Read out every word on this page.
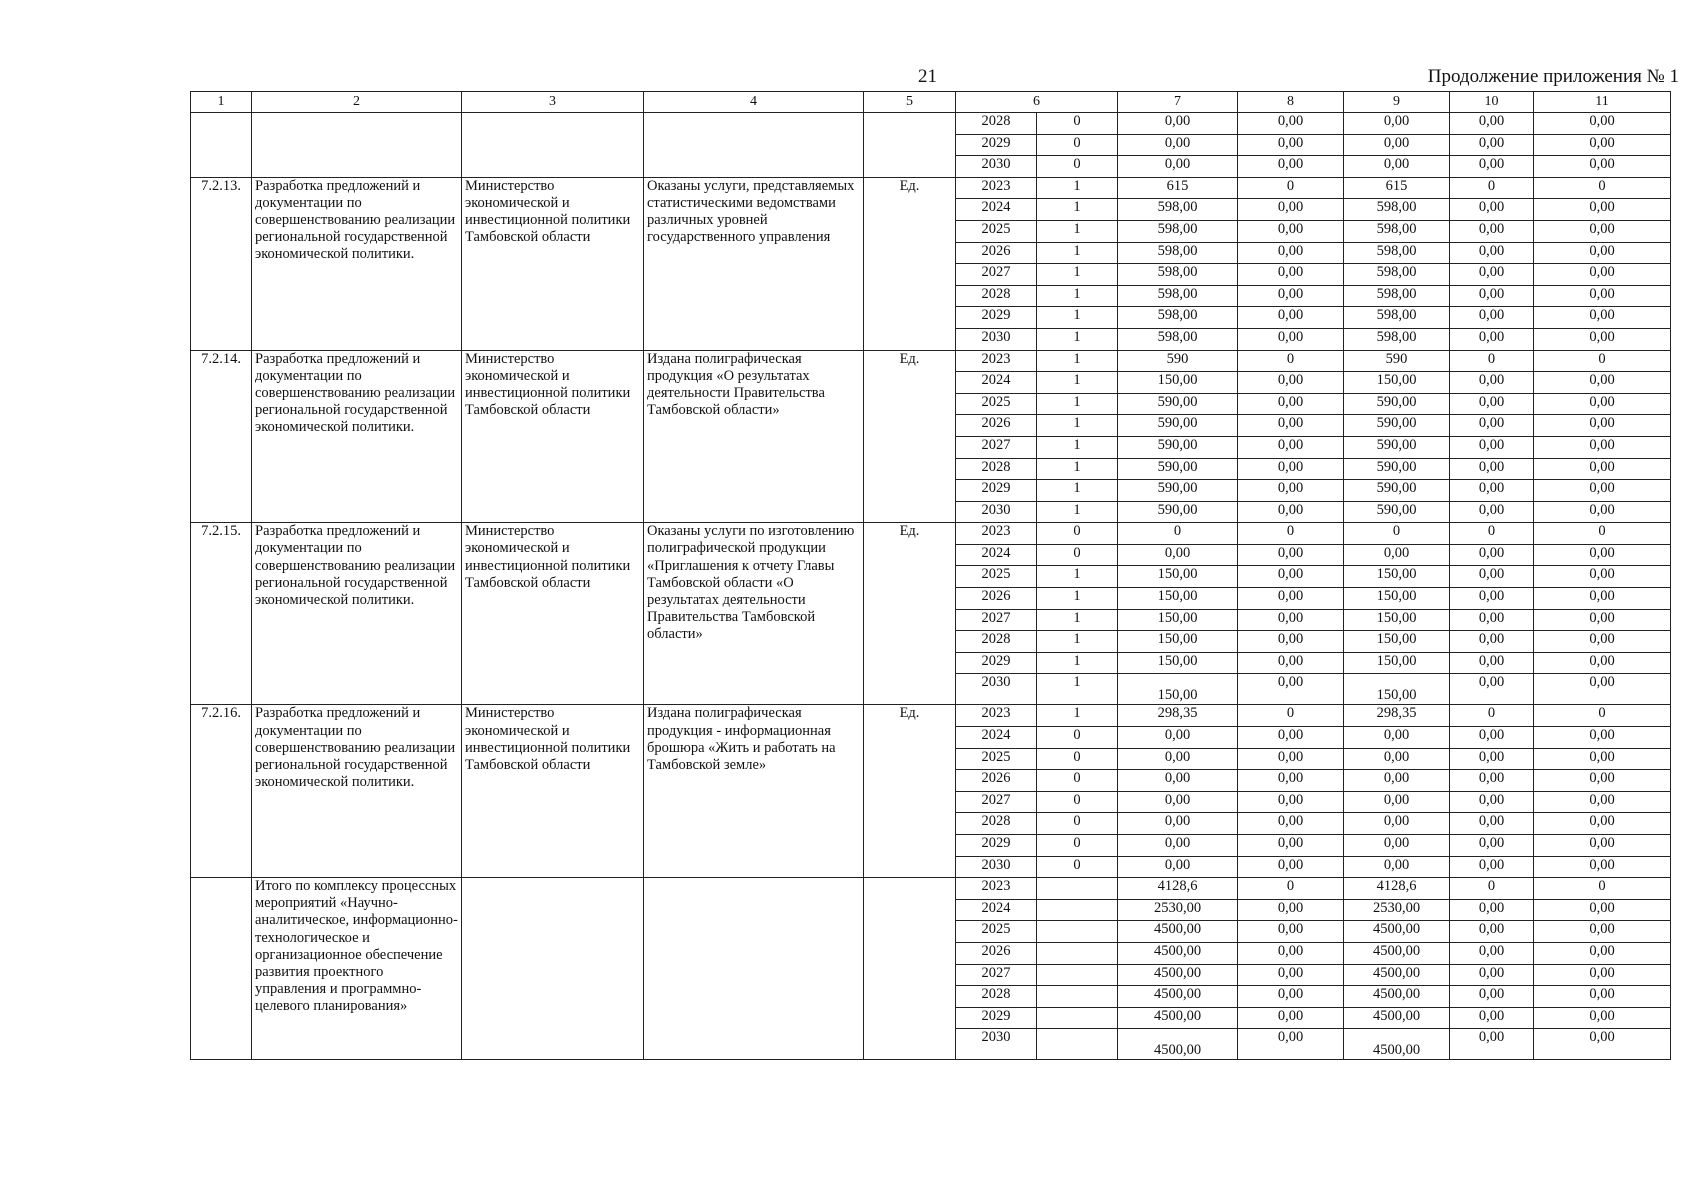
21	Продолжение приложения № 1
1	2	3	4	5	6		7	8	9	10	11
					2028	0	0,00	0,00	0,00	0,00	0,00
					2029	0	0,00	0,00	0,00	0,00	0,00
					2030	0	0,00	0,00	0,00	0,00	0,00
7.2.13.	Разработка предложений и документации по совершенствованию реализации региональной государственной экономической политики.	Министерство экономической и инвестиционной политики Тамбовской области	Оказаны услуги, представляемых статистическими ведомствами различных уровней государственного управления	Ед.	2023	1	615	0	615	0	0
					2024	1	598,00	0,00	598,00	0,00	0,00
					2025	1	598,00	0,00	598,00	0,00	0,00
					2026	1	598,00	0,00	598,00	0,00	0,00
					2027	1	598,00	0,00	598,00	0,00	0,00
					2028	1	598,00	0,00	598,00	0,00	0,00
					2029	1	598,00	0,00	598,00	0,00	0,00
					2030	1	598,00	0,00	598,00	0,00	0,00
7.2.14.	Разработка предложений и документации по совершенствованию реализации региональной государственной экономической политики.	Министерство экономической и инвестиционной политики Тамбовской области	Издана полиграфическая продукция «О результатах деятельности Правительства Тамбовской области»	Ед.	2023	1	590	0	590	0	0
					2024	1	150,00	0,00	150,00	0,00	0,00
					2025	1	590,00	0,00	590,00	0,00	0,00
					2026	1	590,00	0,00	590,00	0,00	0,00
					2027	1	590,00	0,00	590,00	0,00	0,00
					2028	1	590,00	0,00	590,00	0,00	0,00
					2029	1	590,00	0,00	590,00	0,00	0,00
					2030	1	590,00	0,00	590,00	0,00	0,00
7.2.15.	Разработка предложений и документации по совершенствованию реализации региональной государственной экономической политики.	Министерство экономической и инвестиционной политики Тамбовской области	Оказаны услуги по изготовлению полиграфической продукции «Приглашения к отчету Главы Тамбовской области «О результатах деятельности Правительства Тамбовской области»	Ед.	2023	0	0	0	0	0	0
					2024	0	0,00	0,00	0,00	0,00	0,00
					2025	1	150,00	0,00	150,00	0,00	0,00
					2026	1	150,00	0,00	150,00	0,00	0,00
					2027	1	150,00	0,00	150,00	0,00	0,00
					2028	1	150,00	0,00	150,00	0,00	0,00
					2029	1	150,00	0,00	150,00	0,00	0,00
					2030	1	150,00	0,00	150,00	0,00	0,00
7.2.16.	Разработка предложений и документации по совершенствованию реализации региональной государственной экономической политики.	Министерство экономической и инвестиционной политики Тамбовской области	Издана полиграфическая продукция - информационная брошюра «Жить и работать на Тамбовской земле»	Ед.	2023	1	298,35	0	298,35	0	0
					2024	0	0,00	0,00	0,00	0,00	0,00
					2025	0	0,00	0,00	0,00	0,00	0,00
					2026	0	0,00	0,00	0,00	0,00	0,00
					2027	0	0,00	0,00	0,00	0,00	0,00
					2028	0	0,00	0,00	0,00	0,00	0,00
					2029	0	0,00	0,00	0,00	0,00	0,00
					2030	0	0,00	0,00	0,00	0,00	0,00
	Итого по комплексу процессных мероприятий «Научно-аналитическое, информационно-технологическое и организационное обеспечение развития проектного управления и программно-целевого планирования»				2023		4128,6	0	4128,6	0	0
					2024		2530,00	0,00	2530,00	0,00	0,00
					2025		4500,00	0,00	4500,00	0,00	0,00
					2026		4500,00	0,00	4500,00	0,00	0,00
					2027		4500,00	0,00	4500,00	0,00	0,00
					2028		4500,00	0,00	4500,00	0,00	0,00
					2029		4500,00	0,00	4500,00	0,00	0,00
					2030		4500,00	0,00	4500,00	0,00	0,00
